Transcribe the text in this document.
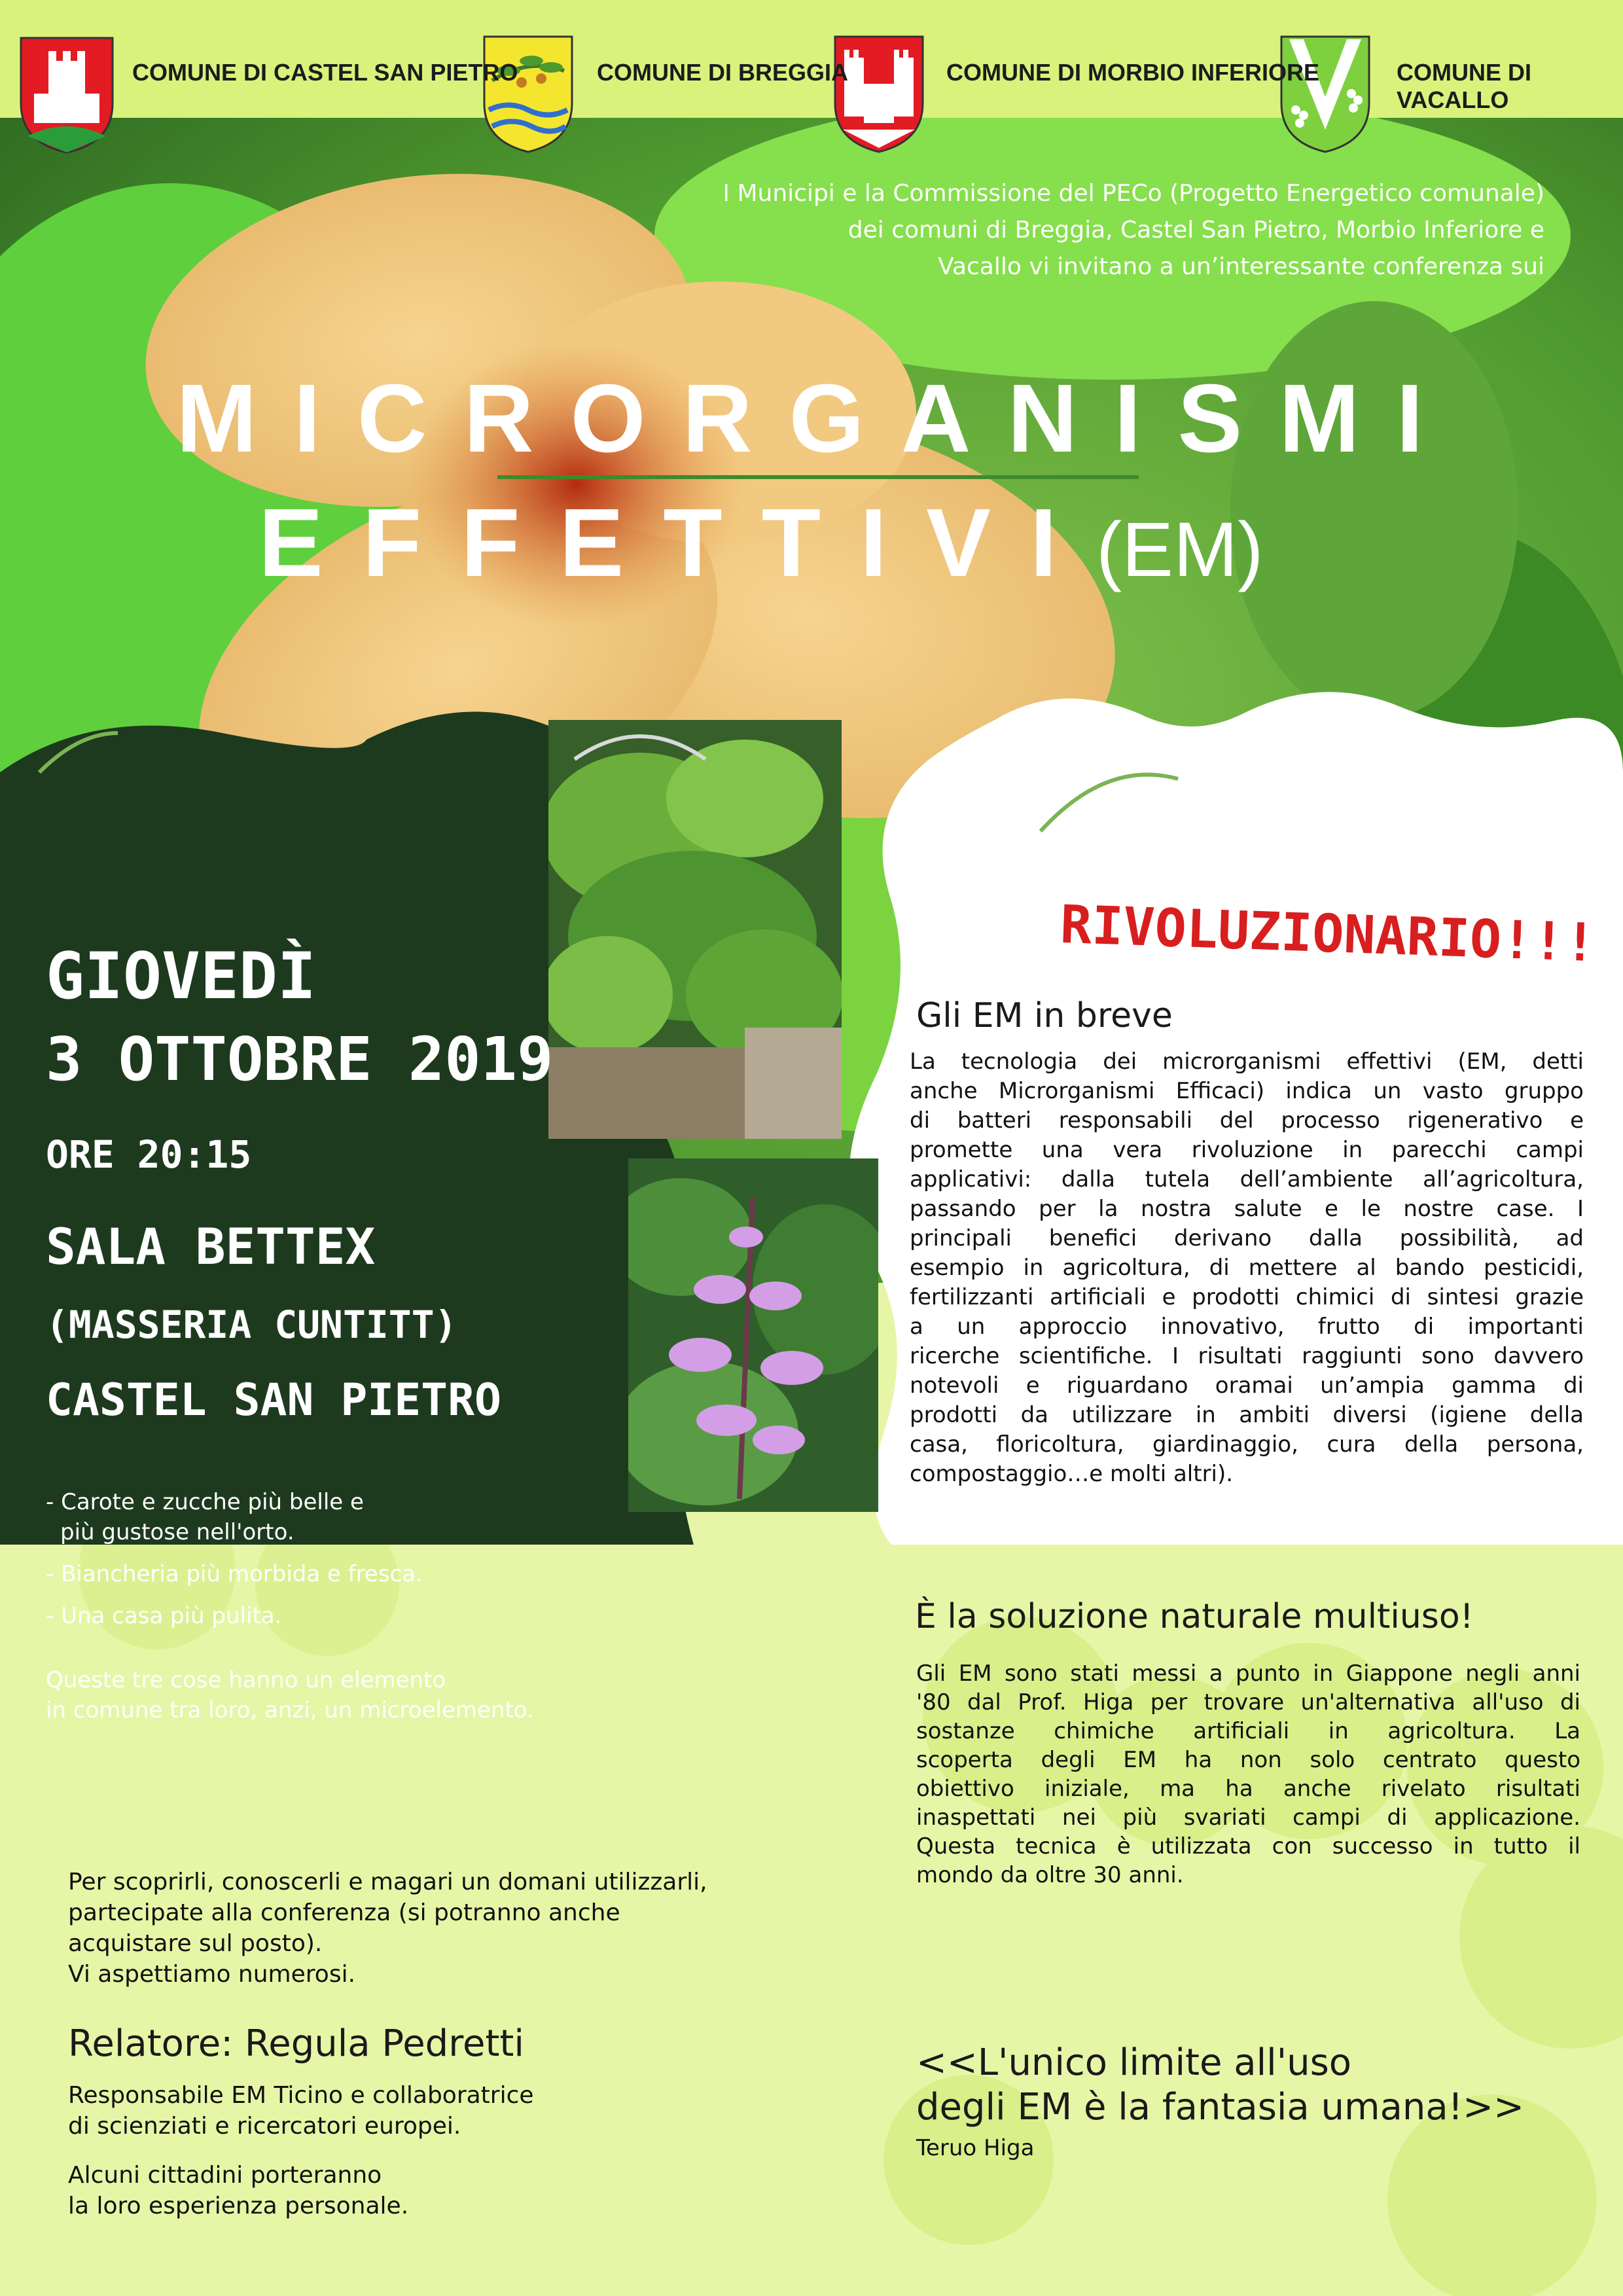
COMUNE DI CASTEL SAN PIETRO	COMUNE DI BREGGIA	COMUNE DI MORBIO INFERIORE	COMUNE DI VACALLO
I Municipi e la Commissione del PECo (Progetto Energetico comunale)
dei comuni di Breggia, Castel San Pietro, Morbio Inferiore e
Vacallo vi invitano a un’interessante conferenza sui
MICRORGANISMI
EFFETTIVI(EM)
GIOVEDÌ
3 OTTOBRE 2019
ORE 20:15
SALA BETTEX
(MASSERIA CUNTITT)
CASTEL SAN PIETRO
- Carote e zucche più belle e
più gustose nell'orto.
- Biancheria più morbida e fresca.
- Una casa più pulita.
Queste tre cose hanno un elemento
in comune tra loro, anzi, un microelemento.
RIVOLUZIONARIO!!!
Gli EM in breve
La tecnologia dei microrganismi effettivi (EM, detti
anche Microrganismi Efficaci) indica un vasto gruppo
di batteri responsabili del processo rigenerativo e
promette una vera rivoluzione in parecchi campi
applicativi: dalla tutela dell’ambiente all’agricoltura,
passando per la nostra salute e le nostre case. I
principali benefici derivano dalla possibilità, ad
esempio in agricoltura, di mettere al bando pesticidi,
fertilizzanti artificiali e prodotti chimici di sintesi grazie
a un approccio innovativo, frutto di importanti
ricerche scientifiche. I risultati raggiunti sono davvero
notevoli e riguardano oramai un’ampia gamma di
prodotti da utilizzare in ambiti diversi (igiene della
casa, floricoltura, giardinaggio, cura della persona,
compostaggio…e molti altri).
È la soluzione naturale multiuso!
Gli EM sono stati messi a punto in Giappone negli anni
'80 dal Prof. Higa per trovare un'alternativa all'uso di
sostanze chimiche artificiali in agricoltura. La
scoperta degli EM ha non solo centrato questo
obiettivo iniziale, ma ha anche rivelato risultati
inaspettati nei più svariati campi di applicazione.
Questa tecnica è utilizzata con successo in tutto il
mondo da oltre 30 anni.
Per scoprirli, conoscerli e magari un domani utilizzarli,
partecipate alla conferenza (si potranno anche
acquistare sul posto).
Vi aspettiamo numerosi.
Relatore: Regula Pedretti
Responsabile EM Ticino e collaboratrice
di scienziati e ricercatori europei.
Alcuni cittadini porteranno
la loro esperienza personale.
<<L'unico limite all'uso
degli EM è la fantasia umana!>>
Teruo Higa
